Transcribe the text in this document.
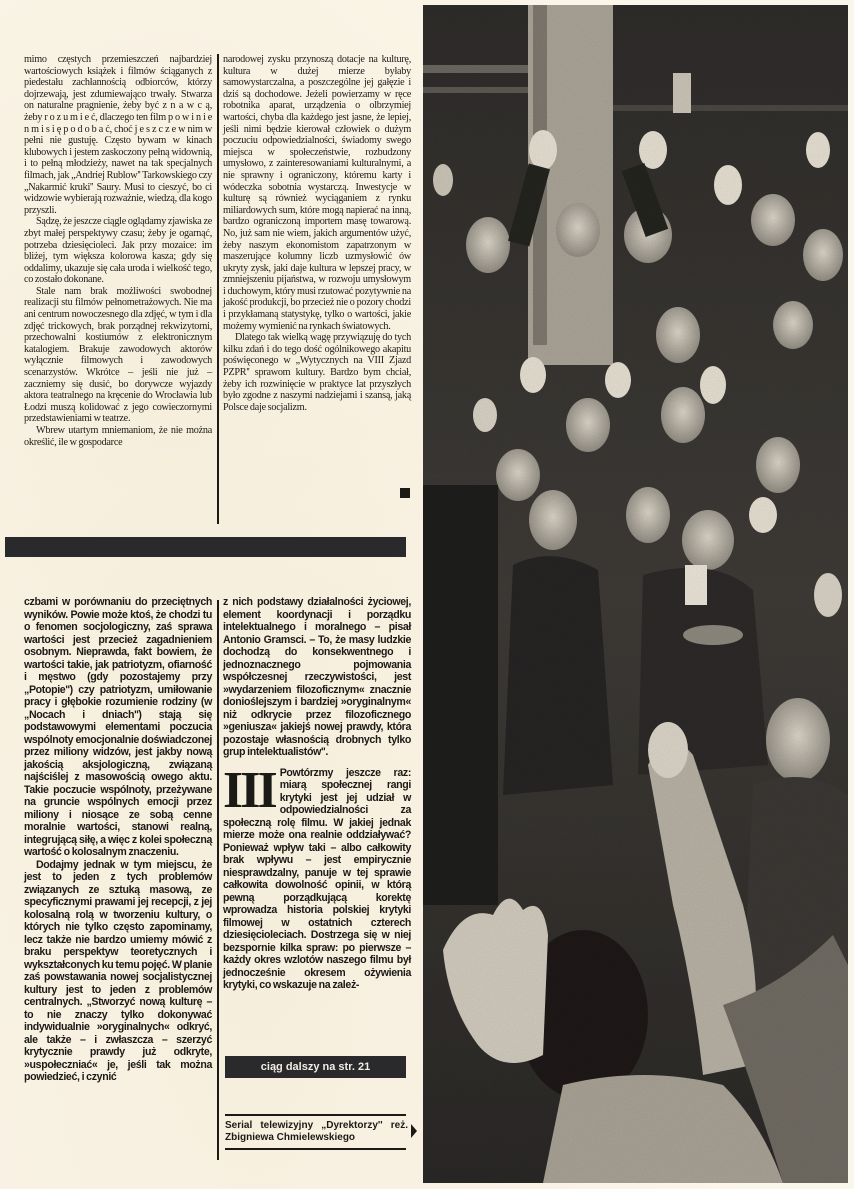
mimo częstych przemieszczeń najbardziej wartościowych książek i filmów ściąganych z piedestału zachłannością odbiorców, którzy dojrzewają, jest zdumiewająco trwały. Stwarza on naturalne pragnienie, żeby być z n a w c ą, żeby r o z u m i e ć, dlaczego ten film p o w i n i e n m i s i ę p o d o b a ć, choć j e s z c z e w nim w pełni nie gustuję. Często bywam w kinach klubowych i jestem zaskoczony pełną widownią, i to pełną młodzieży, nawet na tak specjalnych filmach, jak „Andriej Rublow'' Tarkowskiego czy „Nakarmić kruki'' Saury. Musi to cieszyć, bo ci widzowie wybierają rozważnie, wiedzą, dla kogo przyszli.

Sądzę, że jeszcze ciągle oglądamy zjawiska ze zbyt małej perspektywy czasu; żeby je ogarnąć, potrzeba dziesięcioleci. Jak przy mozaice: im bliżej, tym większa kolorowa kasza; gdy się oddalimy, ukazuje się cała uroda i wielkość tego, co zostało dokonane.

Stale nam brak możliwości swobodnej realizacji stu filmów pełnometrażowych. Nie ma ani centrum nowoczesnego dla zdjęć, w tym i dla zdjęć trickowych, brak porządnej rekwizytorni, przechowalni kostiumów z elektronicznym katalogiem. Brakuje zawodowych aktorów wyłącznie filmowych i zawodowych scenarzystów. Wkrótce – jeśli nie już – zaczniemy się dusić, bo dorywcze wyjazdy aktora teatralnego na kręcenie do Wrocławia lub Łodzi muszą kolidować z jego cowieczornymi przedstawieniami w teatrze.

Wbrew utartym mniemaniom, że nie można określić, ile w gospodarce

narodowej zysku przynoszą dotacje na kulturę, kultura w dużej mierze byłaby samowystarczalna, a poszczególne jej gałęzie i dziś są dochodowe. Jeżeli powierzamy w ręce robotnika aparat, urządzenia o olbrzymiej wartości, chyba dla każdego jest jasne, że lepiej, jeśli nimi będzie kierował człowiek o dużym poczuciu odpowiedzialności, świadomy swego miejsca w społeczeństwie, rozbudzony umysłowo, z zainteresowaniami kulturalnymi, a nie sprawny i ograniczony, któremu karty i wódeczka sobotnia wystarczą. Inwestycje w kulturę są również wyciąganiem z rynku miliardowych sum, które mogą napierać na inną, bardzo ograniczoną importem masę towarową. No, już sam nie wiem, jakich argumentów użyć, żeby naszym ekonomistom zapatrzonym w maszerujące kolumny liczb uzmysłowić ów ukryty zysk, jaki daje kultura w lepszej pracy, w zmniejszeniu pijaństwa, w rozwoju umysłowym i duchowym, który musi rzutować pozytywnie na jakość produkcji, bo przecież nie o pozory chodzi i przykłamaną statystykę, tylko o wartości, jakie możemy wymienić na rynkach światowych.

Dlatego tak wielką wagę przywiązuję do tych kilku zdań i do tego dość ogólnikowego akapitu poświęconego w „Wytycznych na VIII Zjazd PZPR'' sprawom kultury. Bardzo bym chciał, żeby ich rozwinięcie w praktyce lat przyszłych było zgodne z naszymi nadziejami i szansą, jaką Polsce daje socjalizm.

czbami w porównaniu do przeciętnych wyników. Powie może ktoś, że chodzi tu o fenomen socjologiczny, zaś sprawa wartości jest przecież zagadnieniem osobnym. Nieprawda, fakt bowiem, że wartości takie, jak patriotyzm, ofiarność i męstwo (gdy pozostajemy przy „Potopie'') czy patriotyzm, umiłowanie pracy i głębokie rozumienie rodziny (w „Nocach i dniach'') stają się podstawowymi elementami poczucia wspólnoty emocjonalnie doświadczonej przez miliony widzów, jest jakby nową jakością aksjologiczną, związaną najściślej z masowością owego aktu. Takie poczucie wspólnoty, przeżywane na gruncie wspólnych emocji przez miliony i niosące ze sobą cenne moralnie wartości, stanowi realną, integrującą siłę, a więc z kolei społeczną wartość o kolosalnym znaczeniu.

Dodajmy jednak w tym miejscu, że jest to jeden z tych problemów związanych ze sztuką masową, ze specyficznymi prawami jej recepcji, z jej kolosalną rolą w tworzeniu kultury, o których nie tylko często zapominamy, lecz także nie bardzo umiemy mówić z braku perspektyw teoretycznych i wykształconych ku temu pojęć. W planie zaś powstawania nowej socjalistycznej kultury jest to jeden z problemów centralnych. „Stworzyć nową kulturę – to nie znaczy tylko dokonywać indywidualnie »oryginalnych« odkryć, ale także – i zwłaszcza – szerzyć krytycznie prawdy już odkryte, »uspołeczniać« je, jeśli tak można powiedzieć, i czynić

z nich podstawy działalności życiowej, element koordynacji i porządku intelektualnego i moralnego – pisał Antonio Gramsci. – To, że masy ludzkie dochodzą do konsekwentnego i jednoznacznego pojmowania współczesnej rzeczywistości, jest »wydarzeniem filozoficznym« znacznie donioślejszym i bardziej »oryginalnym« niż odkrycie przez filozoficznego »geniusza« jakiejś nowej prawdy, która pozostaje własnością drobnych tylko grup intelektualistów''.

III Powtórzmy jeszcze raz: miarą społecznej rangi krytyki jest jej udział w odpowiedzialności za społeczną rolę filmu. W jakiej jednak mierze może ona realnie oddziaływać? Ponieważ wpływ taki – albo całkowity brak wpływu – jest empirycznie niesprawdzalny, panuje w tej sprawie całkowita dowolność opinii, w którą pewną porządkującą korektę wprowadza historia polskiej krytyki filmowej w ostatnich czterech dziesięcioleciach. Dostrzega się w niej bezspornie kilka spraw: po pierwsze – każdy okres wzlotów naszego filmu był jednocześnie okresem ożywienia krytyki, co wskazuje na zależ-

ciąg dalszy na str. 21
Serial telewizyjny „Dyrektorzy'' reż. Zbigniewa Chmielewskiego
